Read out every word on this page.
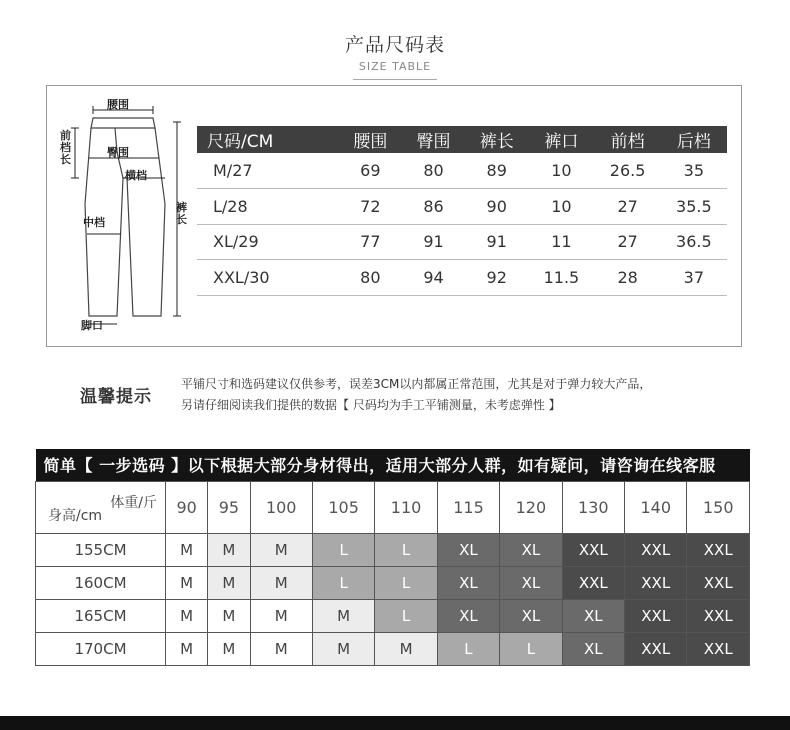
产品尺码表
SIZE TABLE
腰围
前档长
臀围
横档
裤长
中档
脚口
尺码/CM	腰围	臀围	裤长	裤口	前档	后档
M/27	69	80	89	10	26.5	35
L/28	72	86	90	10	27	35.5
XL/29	77	91	91	11	27	36.5
XXL/30	80	94	92	11.5	28	37
温馨提示
平铺尺寸和选码建议仅供参考，误差3CM以内都属正常范围，尤其是对于弹力较大产品，
另请仔细阅读我们提供的数据【 尺码均为手工平铺测量，未考虑弹性 】
简单【 一步选码 】以下根据大部分身材得出，适用大部分人群，如有疑问，请咨询在线客服										

体重/斤
身高/cm	90	95	100	105	110	115	120	130	140	150
155CM	M	M	M	L	L	XL	XL	XXL	XXL	XXL
160CM	M	M	M	L	L	XL	XL	XXL	XXL	XXL
165CM	M	M	M	M	L	XL	XL	XL	XXL	XXL
170CM	M	M	M	M	M	L	L	XL	XXL	XXL
